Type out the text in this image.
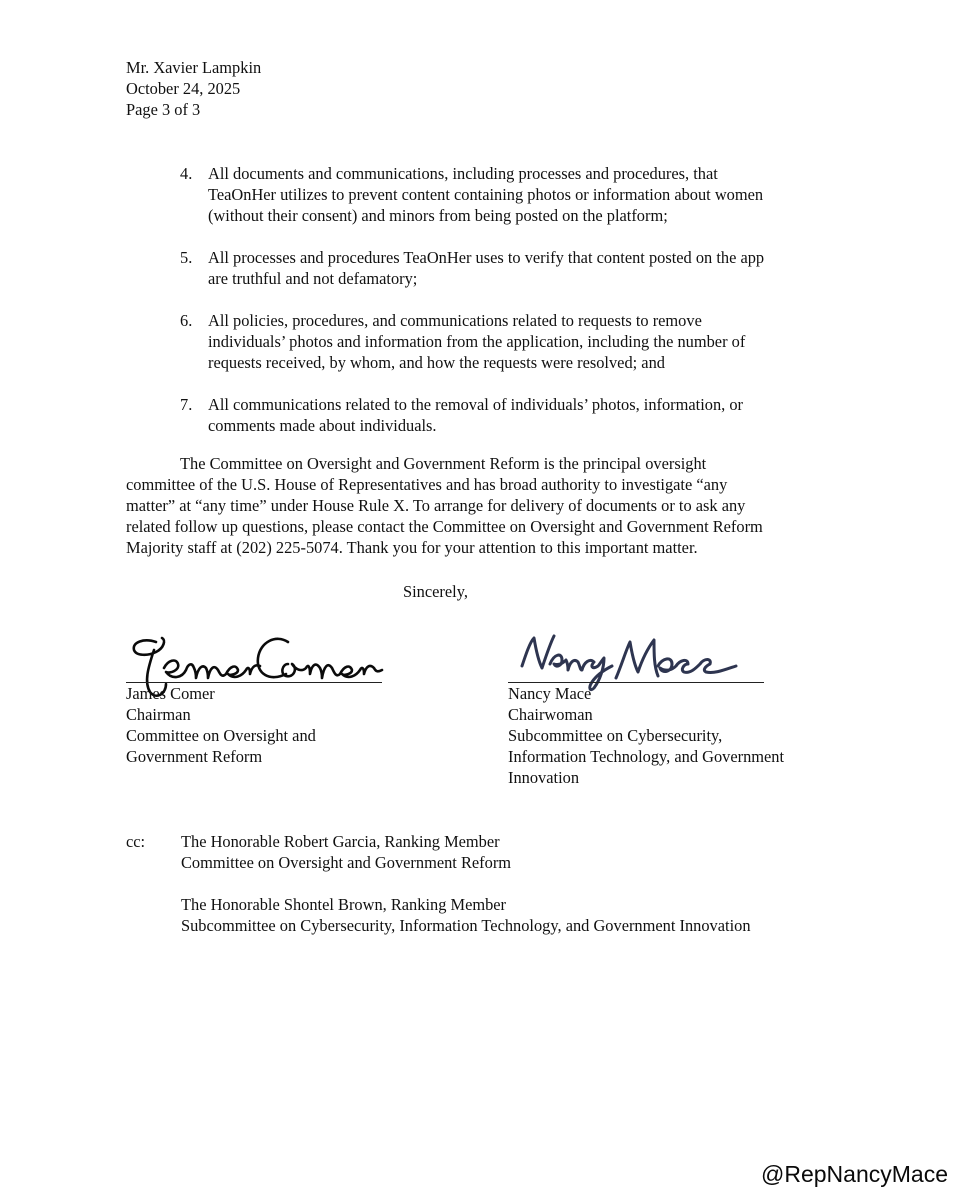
Mr. Xavier Lampkin
October 24, 2025
Page 3 of 3
4. All documents and communications, including processes and procedures, that
TeaOnHer utilizes to prevent content containing photos or information about women
(without their consent) and minors from being posted on the platform;
5. All processes and procedures TeaOnHer uses to verify that content posted on the app
are truthful and not defamatory;
6. All policies, procedures, and communications related to requests to remove
individuals’ photos and information from the application, including the number of
requests received, by whom, and how the requests were resolved; and
7. All communications related to the removal of individuals’ photos, information, or
comments made about individuals.
The Committee on Oversight and Government Reform is the principal oversight
committee of the U.S. House of Representatives and has broad authority to investigate “any
matter” at “any time” under House Rule X. To arrange for delivery of documents or to ask any
related follow up questions, please contact the Committee on Oversight and Government Reform
Majority staff at (202) 225-5074. Thank you for your attention to this important matter.
Sincerely,
James Comer
Chairman
Committee on Oversight and
Government Reform
Nancy Mace
Chairwoman
Subcommittee on Cybersecurity,
Information Technology, and Government
Innovation
cc: The Honorable Robert Garcia, Ranking Member
Committee on Oversight and Government Reform
The Honorable Shontel Brown, Ranking Member
Subcommittee on Cybersecurity, Information Technology, and Government Innovation
@RepNancyMace
